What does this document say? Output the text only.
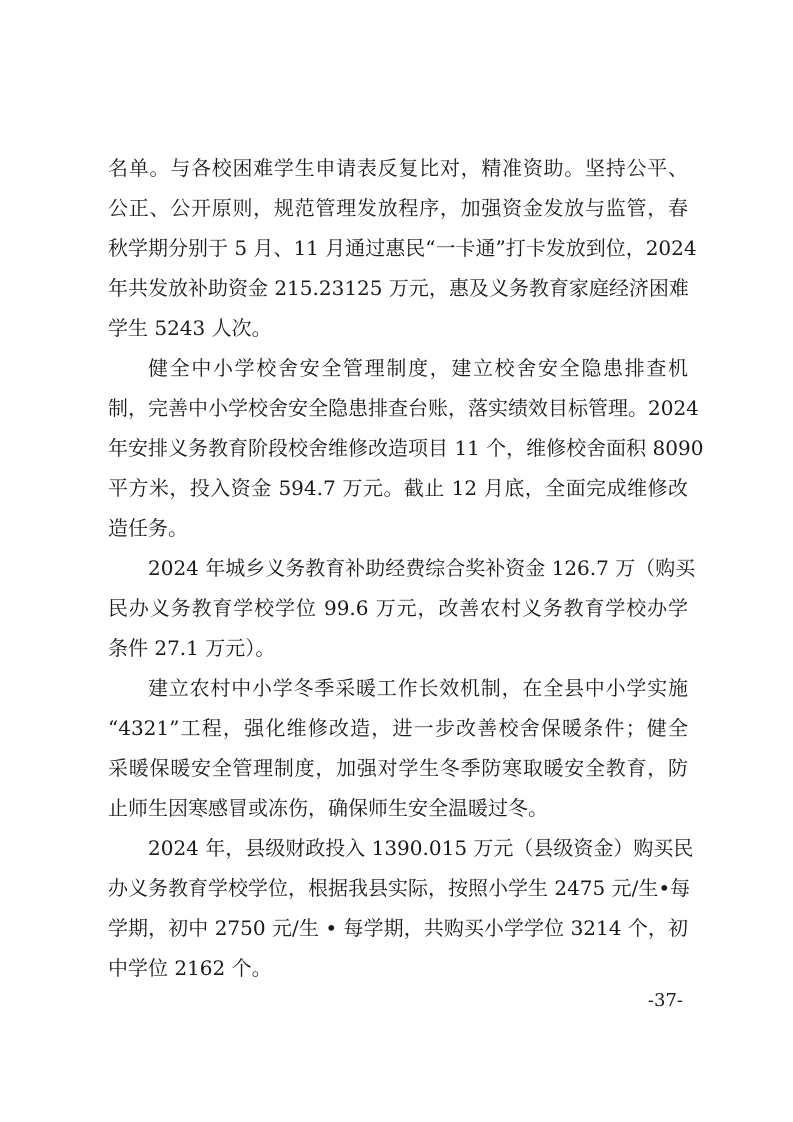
名单。与各校困难学生申请表反复比对，精准资助。坚持公平、
公正、公开原则，规范管理发放程序，加强资金发放与监管，春
秋学期分别于 5 月、11 月通过惠民“一卡通”打卡发放到位，2024
年共发放补助资金 215.23125 万元，惠及义务教育家庭经济困难
学生 5243 人次。
健全中小学校舍安全管理制度，建立校舍安全隐患排查机
制，完善中小学校舍安全隐患排查台账，落实绩效目标管理。2024
年安排义务教育阶段校舍维修改造项目 11 个，维修校舍面积 8090
平方米，投入资金 594.7 万元。截止 12 月底，全面完成维修改
造任务。
2024 年城乡义务教育补助经费综合奖补资金 126.7 万（购买
民办义务教育学校学位 99.6 万元，改善农村义务教育学校办学
条件 27.1 万元）。
建立农村中小学冬季采暖工作长效机制，在全县中小学实施
“4321”工程，强化维修改造，进一步改善校舍保暖条件；健全
采暖保暖安全管理制度，加强对学生冬季防寒取暖安全教育，防
止师生因寒感冒或冻伤，确保师生安全温暖过冬。
2024 年，县级财政投入 1390.015 万元（县级资金）购买民
办义务教育学校学位，根据我县实际，按照小学生 2475 元/生•每
学期，初中 2750 元/生 • 每学期，共购买小学学位 3214 个，初
中学位 2162 个。
-37-
